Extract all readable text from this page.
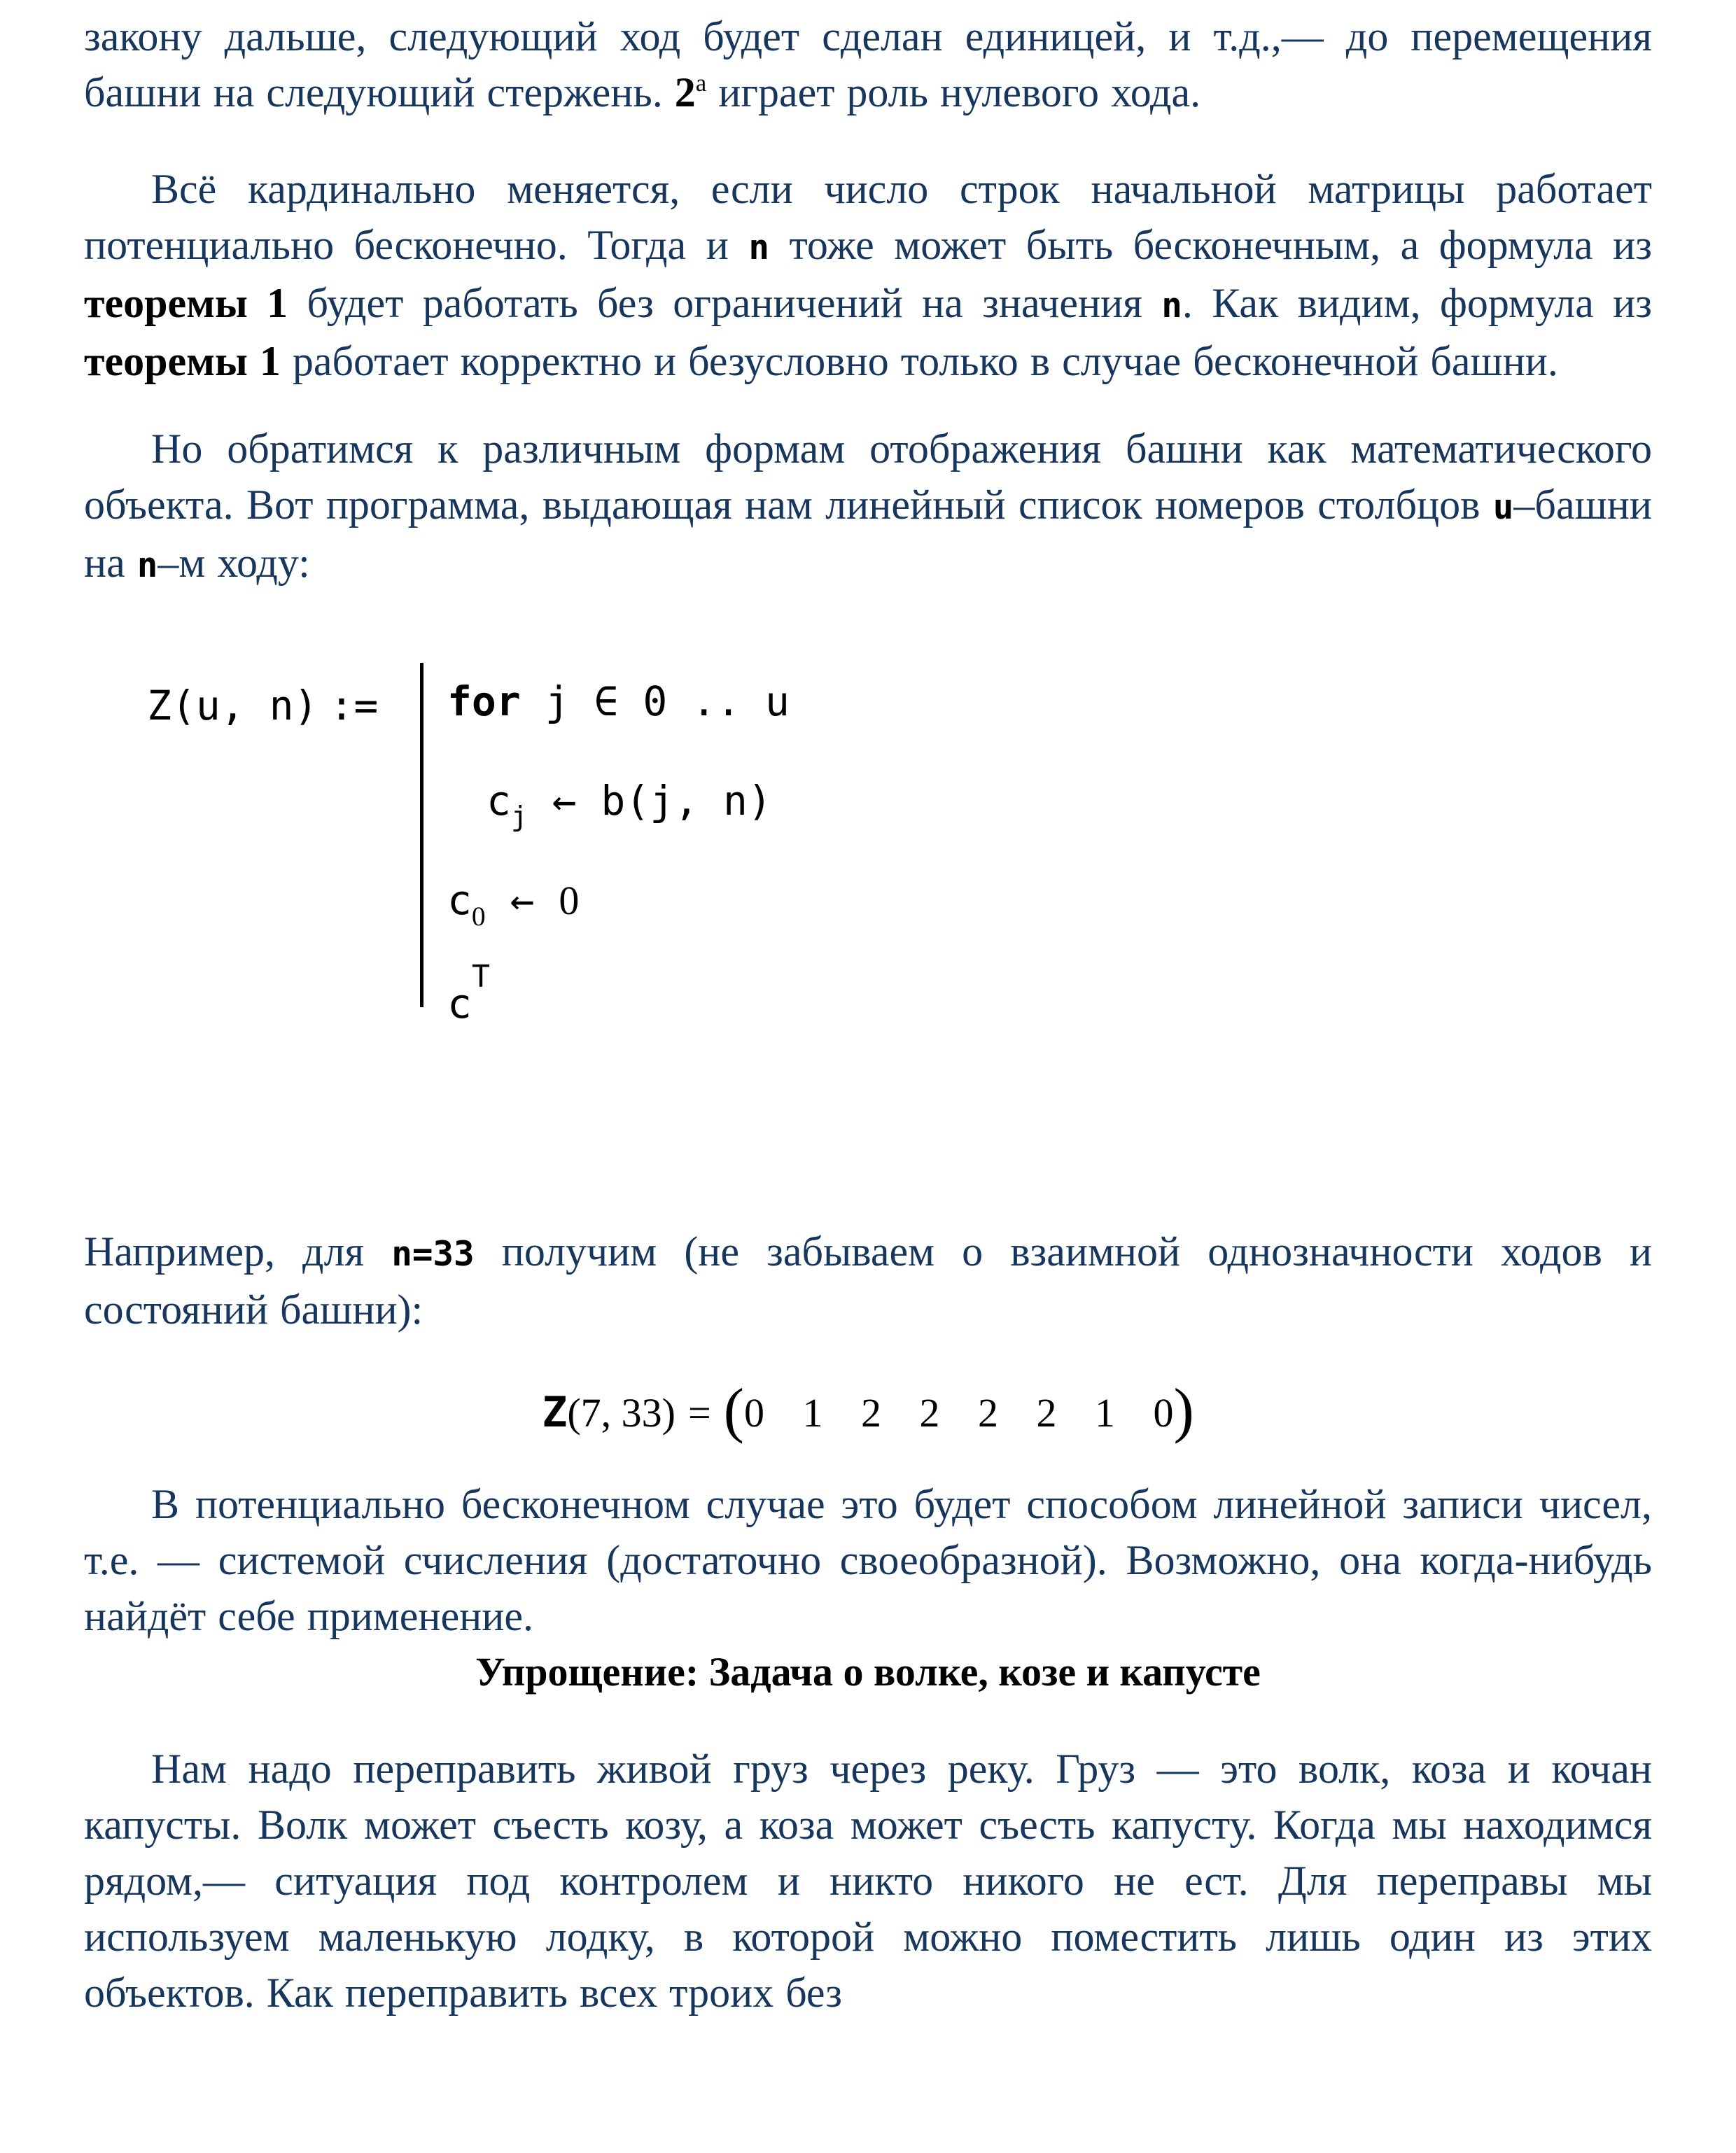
закону дальше, следующий ход будет сделан единицей, и т.д.,— до перемещения башни на следующий стержень. 2$^a$ играет роль нулевого хода.

Всё кардинально меняется, если число строк начальной матрицы работает потенциально бесконечно. Тогда и n тоже может быть бесконечным, а формула из теоремы 1 будет работать без ограничений на значения n. Как видим, формула из теоремы 1 работает корректно и безусловно только в случае бесконечной башни.

Но обратимся к различным формам отображения башни как математического объекта. Вот программа, выдающая нам линейный список номеров столбцов u–башни на n–м ходу:

Z(u, n) :=	for j ∈ 0 .. u
$c_j$ ← b(j, n)
$c_0$ ← 0
$c^T$

Например, для n=33 получим (не забываем о взаимной однозначности ходов и состояний башни):

Z(7, 33) = (0 1 2 2 2 2 1 0)

В потенциально бесконечном случае это будет способом линейной записи чисел, т.е. — системой счисления (достаточно своеобразной). Возможно, она когда-нибудь найдёт себе применение.

Упрощение: Задача о волке, козе и капусте

Нам надо переправить живой груз через реку. Груз — это волк, коза и кочан капусты. Волк может съесть козу, а коза может съесть капусту. Когда мы находимся рядом,— ситуация под контролем и никто никого не ест. Для переправы мы используем маленькую лодку, в которой можно поместить лишь один из этих объектов. Как переправить всех троих без
